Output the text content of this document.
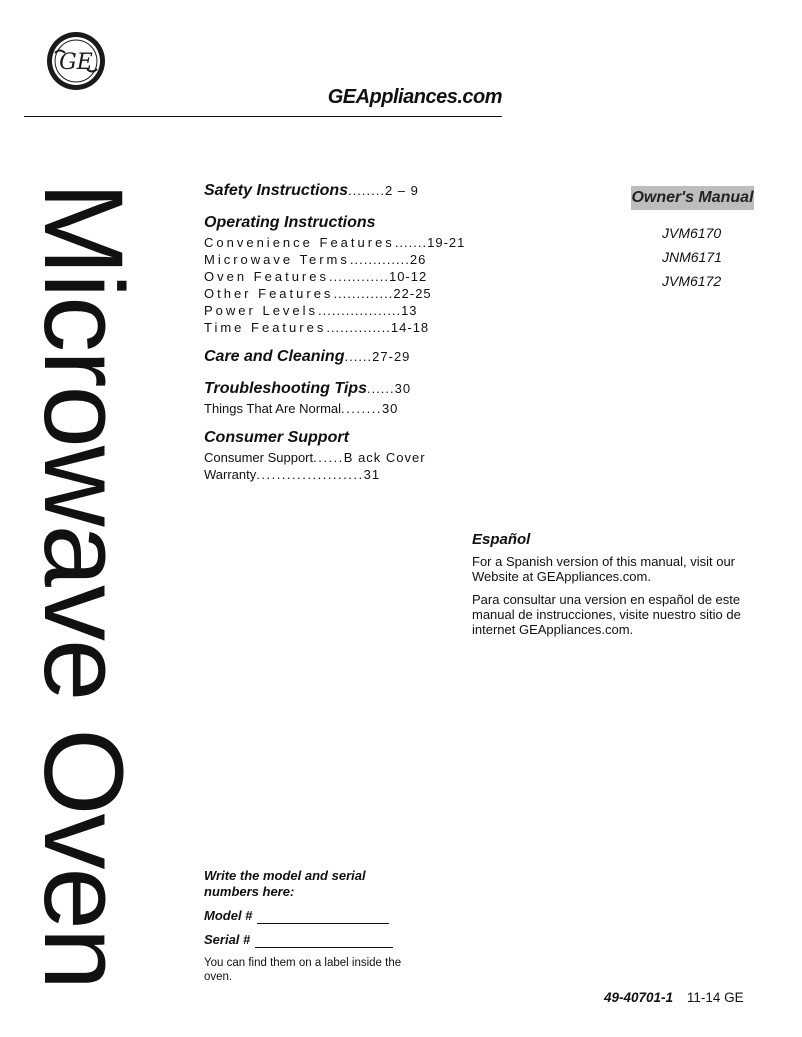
GE
GEAppliances.com
Microwave Oven	Safety Instructions........2 – 9
Operating Instructions
Convenience Features.......19-21
Microwave Terms.............26
Oven Features.............10-12
Other Features.............22-25
Power Levels..................13
Time Features..............14-18
Care and Cleaning......27-29
Troubleshooting Tips......30
Things That Are Normal........30
Consumer Support
Consumer Support......B ack Cover
Warranty.....................31
Owner's Manual
JVM6170
JNM6171
JVM6172
Español

For a Spanish version of this manual, visit our Website at GEAppliances.com.

Para consultar una version en español de este manual de instrucciones, visite nuestro sitio de internet GEAppliances.com.

Write the model and serial numbers here:
Model #
Serial #
You can find them on a label inside the oven.
49-40701-1 11-14 GE
